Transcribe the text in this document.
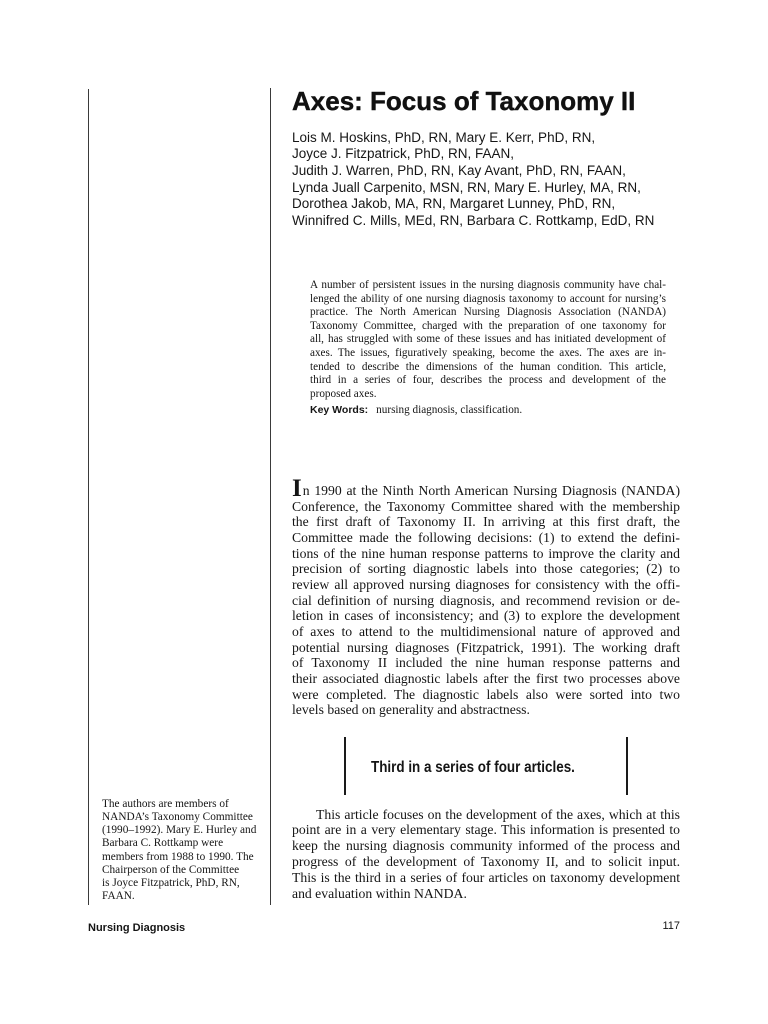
Axes: Focus of Taxonomy II
Lois M. Hoskins, PhD, RN, Mary E. Kerr, PhD, RN,
Joyce J. Fitzpatrick, PhD, RN, FAAN,
Judith J. Warren, PhD, RN, Kay Avant, PhD, RN, FAAN,
Lynda Juall Carpenito, MSN, RN, Mary E. Hurley, MA, RN,
Dorothea Jakob, MA, RN, Margaret Lunney, PhD, RN,
Winnifred C. Mills, MEd, RN, Barbara C. Rottkamp, EdD, RN
A number of persistent issues in the nursing diagnosis community have chal-
lenged the ability of one nursing diagnosis taxonomy to account for nursing’s
practice. The North American Nursing Diagnosis Association (NANDA)
Taxonomy Committee, charged with the preparation of one taxonomy for
all, has struggled with some of these issues and has initiated development of
axes. The issues, figuratively speaking, become the axes. The axes are in-
tended to describe the dimensions of the human condition. This article,
third in a series of four, describes the process and development of the
proposed axes.
Key Words: nursing diagnosis, classification.
In 1990 at the Ninth North American Nursing Diagnosis (NANDA)
Conference, the Taxonomy Committee shared with the membership
the first draft of Taxonomy II. In arriving at this first draft, the
Committee made the following decisions: (1) to extend the defini-
tions of the nine human response patterns to improve the clarity and
precision of sorting diagnostic labels into those categories; (2) to
review all approved nursing diagnoses for consistency with the offi-
cial definition of nursing diagnosis, and recommend revision or de-
letion in cases of inconsistency; and (3) to explore the development
of axes to attend to the multidimensional nature of approved and
potential nursing diagnoses (Fitzpatrick, 1991). The working draft
of Taxonomy II included the nine human response patterns and
their associated diagnostic labels after the first two processes above
were completed. The diagnostic labels also were sorted into two
levels based on generality and abstractness.
Third in a series of four articles.
This article focuses on the development of the axes, which at this
point are in a very elementary stage. This information is presented to
keep the nursing diagnosis community informed of the process and
progress of the development of Taxonomy II, and to solicit input.
This is the third in a series of four articles on taxonomy development
and evaluation within NANDA.
The authors are members of
NANDA’s Taxonomy Committee
(1990–1992). Mary E. Hurley and
Barbara C. Rottkamp were
members from 1988 to 1990. The
Chairperson of the Committee
is Joyce Fitzpatrick, PhD, RN,
FAAN.
Nursing Diagnosis	117
